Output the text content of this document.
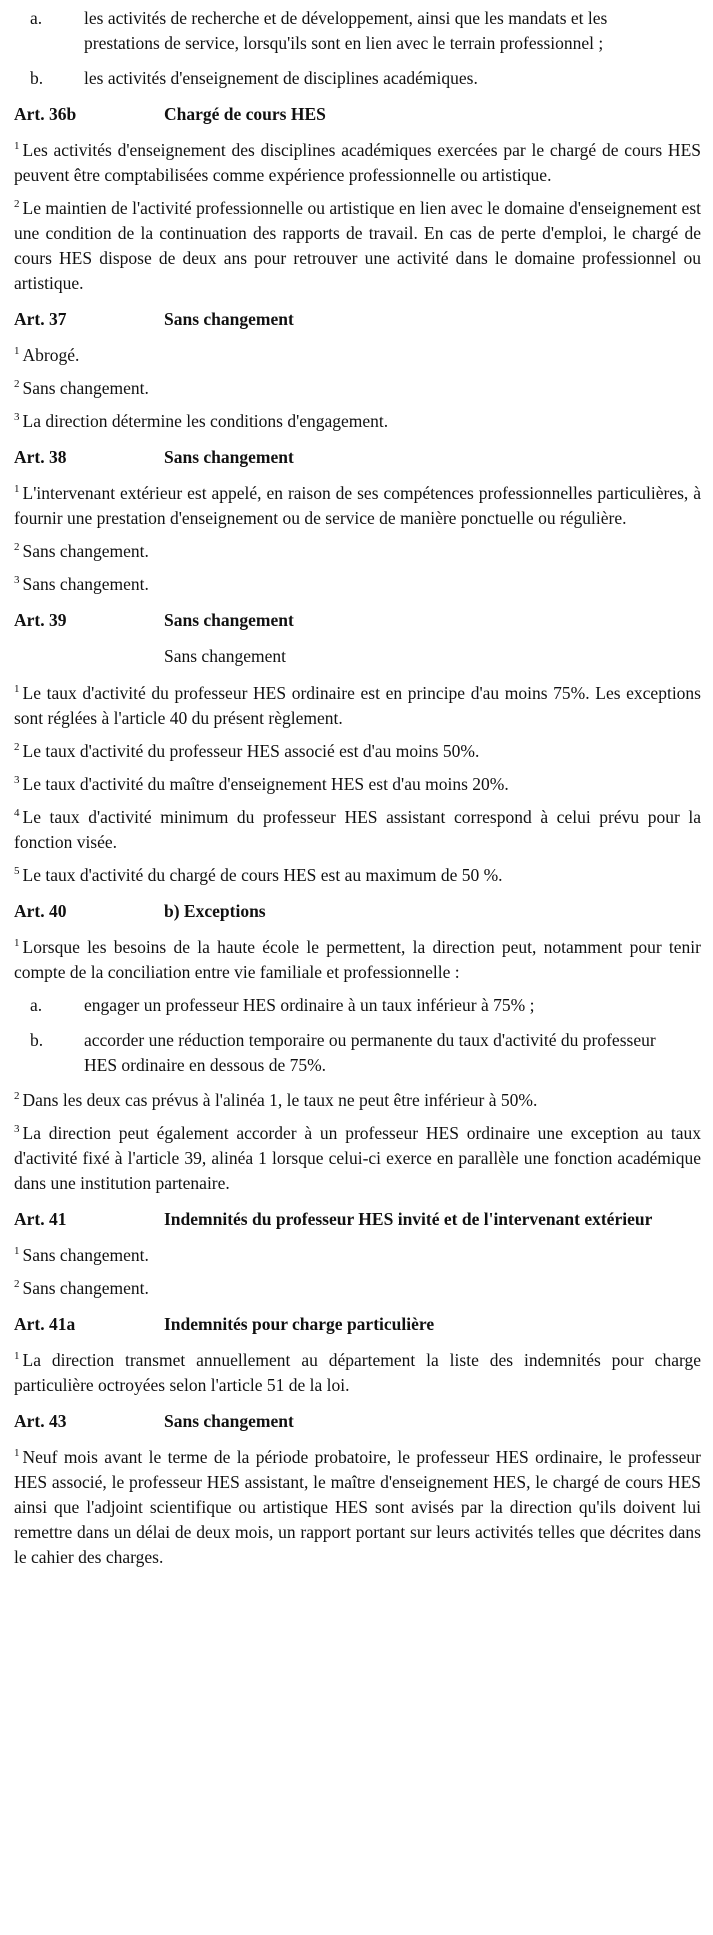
a.	les activités de recherche et de développement, ainsi que les mandats et les prestations de service, lorsqu'ils sont en lien avec le terrain professionnel ;
b.	les activités d'enseignement de disciplines académiques.
Art. 36b	Chargé de cours HES

$^1$ Les activités d'enseignement des disciplines académiques exercées par le chargé de cours HES peuvent être comptabilisées comme expérience professionnelle ou artistique.

$^2$ Le maintien de l'activité professionnelle ou artistique en lien avec le domaine d'enseignement est une condition de la continuation des rapports de travail. En cas de perte d'emploi, le chargé de cours HES dispose de deux ans pour retrouver une activité dans le domaine professionnel ou artistique.

Art. 37	Sans changement

$^1$ Abrogé.

$^2$ Sans changement.

$^3$ La direction détermine les conditions d'engagement.

Art. 38	Sans changement

$^1$ L'intervenant extérieur est appelé, en raison de ses compétences professionnelles particulières, à fournir une prestation d'enseignement ou de service de manière ponctuelle ou régulière.

$^2$ Sans changement.

$^3$ Sans changement.

Art. 39	Sans changement
Sans changement

$^1$ Le taux d'activité du professeur HES ordinaire est en principe d'au moins 75%. Les exceptions sont réglées à l'article 40 du présent règlement.

$^2$ Le taux d'activité du professeur HES associé est d'au moins 50%.

$^3$ Le taux d'activité du maître d'enseignement HES est d'au moins 20%.

$^4$ Le taux d'activité minimum du professeur HES assistant correspond à celui prévu pour la fonction visée.

$^5$ Le taux d'activité du chargé de cours HES est au maximum de 50 %.

Art. 40	b) Exceptions

$^1$ Lorsque les besoins de la haute école le permettent, la direction peut, notamment pour tenir compte de la conciliation entre vie familiale et professionnelle :

a.	engager un professeur HES ordinaire à un taux inférieur à 75% ;
b.	accorder une réduction temporaire ou permanente du taux d'activité du professeur HES ordinaire en dessous de 75%.

$^2$ Dans les deux cas prévus à l'alinéa 1, le taux ne peut être inférieur à 50%.

$^3$ La direction peut également accorder à un professeur HES ordinaire une exception au taux d'activité fixé à l'article 39, alinéa 1 lorsque celui-ci exerce en parallèle une fonction académique dans une institution partenaire.

Art. 41	Indemnités du professeur HES invité et de l'intervenant extérieur

$^1$ Sans changement.

$^2$ Sans changement.

Art. 41a	Indemnités pour charge particulière

$^1$ La direction transmet annuellement au département la liste des indemnités pour charge particulière octroyées selon l'article 51 de la loi.

Art. 43	Sans changement

$^1$ Neuf mois avant le terme de la période probatoire, le professeur HES ordinaire, le professeur HES associé, le professeur HES assistant, le maître d'enseignement HES, le chargé de cours HES ainsi que l'adjoint scientifique ou artistique HES sont avisés par la direction qu'ils doivent lui remettre dans un délai de deux mois, un rapport portant sur leurs activités telles que décrites dans le cahier des charges.
